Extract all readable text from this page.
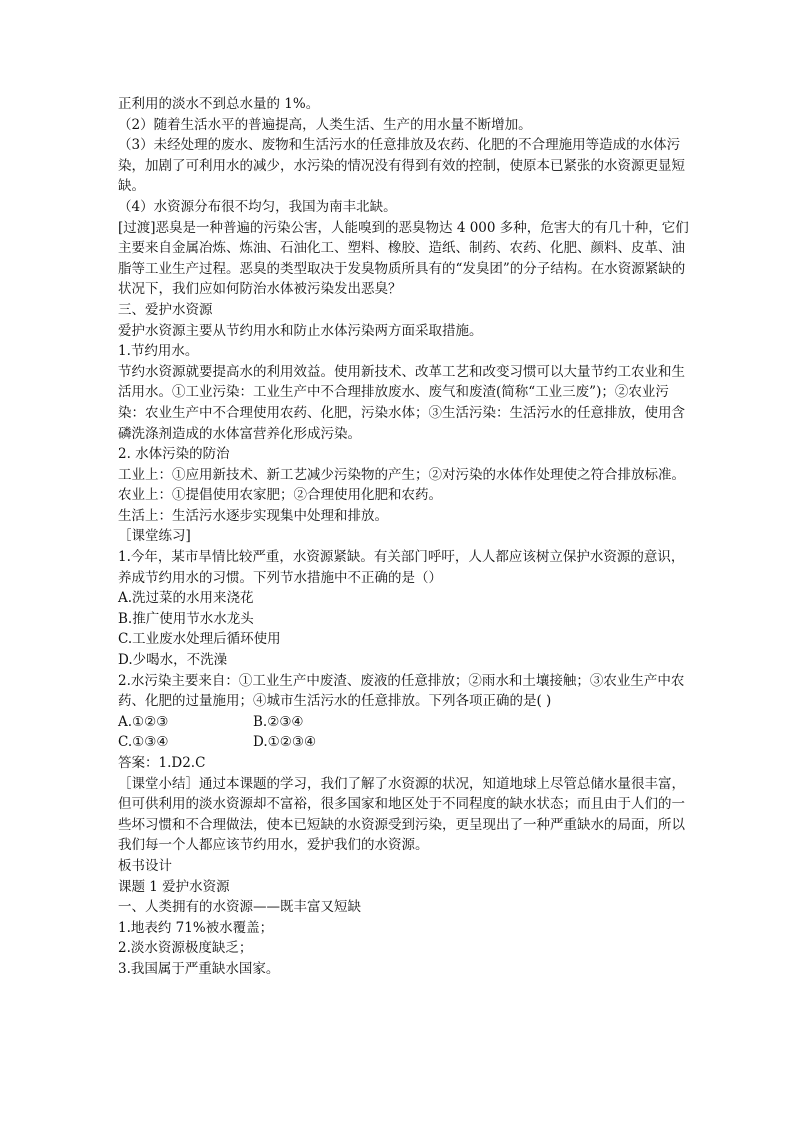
正利用的淡水不到总水量的 1%。

（2）随着生活水平的普遍提高，人类生活、生产的用水量不断增加。

（3）未经处理的废水、废物和生活污水的任意排放及农药、化肥的不合理施用等造成的水体污染，加剧了可利用水的减少，水污染的情况没有得到有效的控制，使原本已紧张的水资源更显短缺。

（4）水资源分布很不均匀，我国为南丰北缺。

[过渡]恶臭是一种普遍的污染公害，人能嗅到的恶臭物达 4 000 多种，危害大的有几十种，它们主要来自金属冶炼、炼油、石油化工、塑料、橡胶、造纸、制药、农药、化肥、颜料、皮革、油脂等工业生产过程。恶臭的类型取决于发臭物质所具有的“发臭团”的分子结构。在水资源紧缺的状况下，我们应如何防治水体被污染发出恶臭？

三、爱护水资源

爱护水资源主要从节约用水和防止水体污染两方面采取措施。

1.节约用水。

节约水资源就要提高水的利用效益。使用新技术、改革工艺和改变习惯可以大量节约工农业和生活用水。①工业污染：工业生产中不合理排放废水、废气和废渣(简称“工业三废”)；②农业污染：农业生产中不合理使用农药、化肥，污染水体；③生活污染：生活污水的任意排放，使用含磷洗涤剂造成的水体富营养化形成污染。

2. 水体污染的防治

工业上：①应用新技术、新工艺减少污染物的产生；②对污染的水体作处理使之符合排放标准。

农业上：①提倡使用农家肥；②合理使用化肥和农药。

生活上：生活污水逐步实现集中处理和排放。

［课堂练习]

1.今年，某市旱情比较严重，水资源紧缺。有关部门呼吁，人人都应该树立保护水资源的意识，养成节约用水的习惯。下列节水措施中不正确的是（）

A.洗过菜的水用来浇花

B.推广使用节水水龙头

C.工业废水处理后循环使用

D.少喝水，不洗澡

2.水污染主要来自：①工业生产中废渣、废液的任意排放；②雨水和土壤接触；③农业生产中农药、化肥的过量施用；④城市生活污水的任意排放。下列各项正确的是( )

A.①②③	B.②③④
C.①③④	D.①②③④

答案：1.D2.C

［课堂小结］通过本课题的学习，我们了解了水资源的状况，知道地球上尽管总储水量很丰富，但可供利用的淡水资源却不富裕，很多国家和地区处于不同程度的缺水状态；而且由于人们的一些坏习惯和不合理做法，使本已短缺的水资源受到污染，更呈现出了一种严重缺水的局面，所以我们每一个人都应该节约用水，爱护我们的水资源。

板书设计

课题 1 爱护水资源

一、人类拥有的水资源——既丰富又短缺

1.地表约 71%被水覆盖；

2.淡水资源极度缺乏；

3.我国属于严重缺水国家。
